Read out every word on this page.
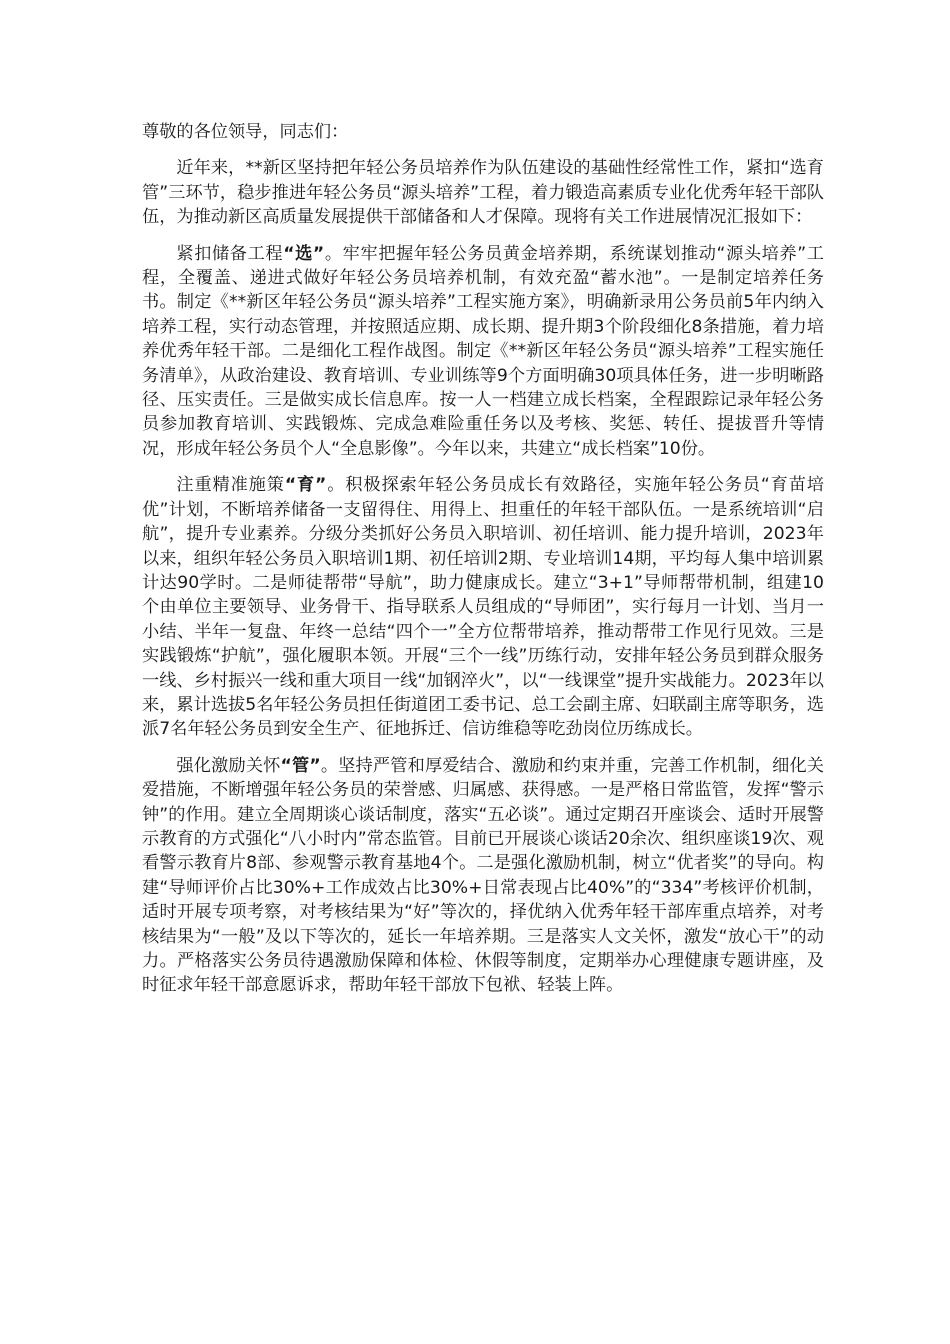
尊敬的各位领导，同志们：

近年来，**新区坚持把年轻公务员培养作为队伍建设的基础性经常性工作，紧扣“选育管”三环节，稳步推进年轻公务员“源头培养”工程，着力锻造高素质专业化优秀年轻干部队伍，为推动新区高质量发展提供干部储备和人才保障。现将有关工作进展情况汇报如下：

紧扣储备工程“选”。牢牢把握年轻公务员黄金培养期，系统谋划推动“源头培养”工程，全覆盖、递进式做好年轻公务员培养机制，有效充盈“蓄水池”。一是制定培养任务书。制定《**新区年轻公务员“源头培养”工程实施方案》，明确新录用公务员前5年内纳入培养工程，实行动态管理，并按照适应期、成长期、提升期3个阶段细化8条措施，着力培养优秀年轻干部。二是细化工程作战图。制定《**新区年轻公务员“源头培养”工程实施任务清单》，从政治建设、教育培训、专业训练等9个方面明确30项具体任务，进一步明晰路径、压实责任。三是做实成长信息库。按一人一档建立成长档案，全程跟踪记录年轻公务员参加教育培训、实践锻炼、完成急难险重任务以及考核、奖惩、转任、提拔晋升等情况，形成年轻公务员个人“全息影像”。今年以来，共建立“成长档案”10份。

注重精准施策“育”。积极探索年轻公务员成长有效路径，实施年轻公务员“育苗培优”计划，不断培养储备一支留得住、用得上、担重任的年轻干部队伍。一是系统培训“启航”，提升专业素养。分级分类抓好公务员入职培训、初任培训、能力提升培训，2023年以来，组织年轻公务员入职培训1期、初任培训2期、专业培训14期，平均每人集中培训累计达90学时。二是师徒帮带“导航”，助力健康成长。建立“3+1”导师帮带机制，组建10个由单位主要领导、业务骨干、指导联系人员组成的“导师团”，实行每月一计划、当月一小结、半年一复盘、年终一总结“四个一”全方位帮带培养，推动帮带工作见行见效。三是实践锻炼“护航”，强化履职本领。开展“三个一线”历练行动，安排年轻公务员到群众服务一线、乡村振兴一线和重大项目一线“加钢淬火”，以“一线课堂”提升实战能力。2023年以来，累计选拔5名年轻公务员担任街道团工委书记、总工会副主席、妇联副主席等职务，选派7名年轻公务员到安全生产、征地拆迁、信访维稳等吃劲岗位历练成长。

强化激励关怀“管”。坚持严管和厚爱结合、激励和约束并重，完善工作机制，细化关爱措施，不断增强年轻公务员的荣誉感、归属感、获得感。一是严格日常监管，发挥“警示钟”的作用。建立全周期谈心谈话制度，落实“五必谈”。通过定期召开座谈会、适时开展警示教育的方式强化“八小时内”常态监管。目前已开展谈心谈话20余次、组织座谈19次、观看警示教育片8部、参观警示教育基地4个。二是强化激励机制，树立“优者奖”的导向。构建“导师评价占比30%+工作成效占比30%+日常表现占比40%”的“334”考核评价机制，适时开展专项考察，对考核结果为“好”等次的，择优纳入优秀年轻干部库重点培养，对考核结果为“一般”及以下等次的，延长一年培养期。三是落实人文关怀，激发“放心干”的动力。严格落实公务员待遇激励保障和体检、休假等制度，定期举办心理健康专题讲座，及时征求年轻干部意愿诉求，帮助年轻干部放下包袱、轻装上阵。
